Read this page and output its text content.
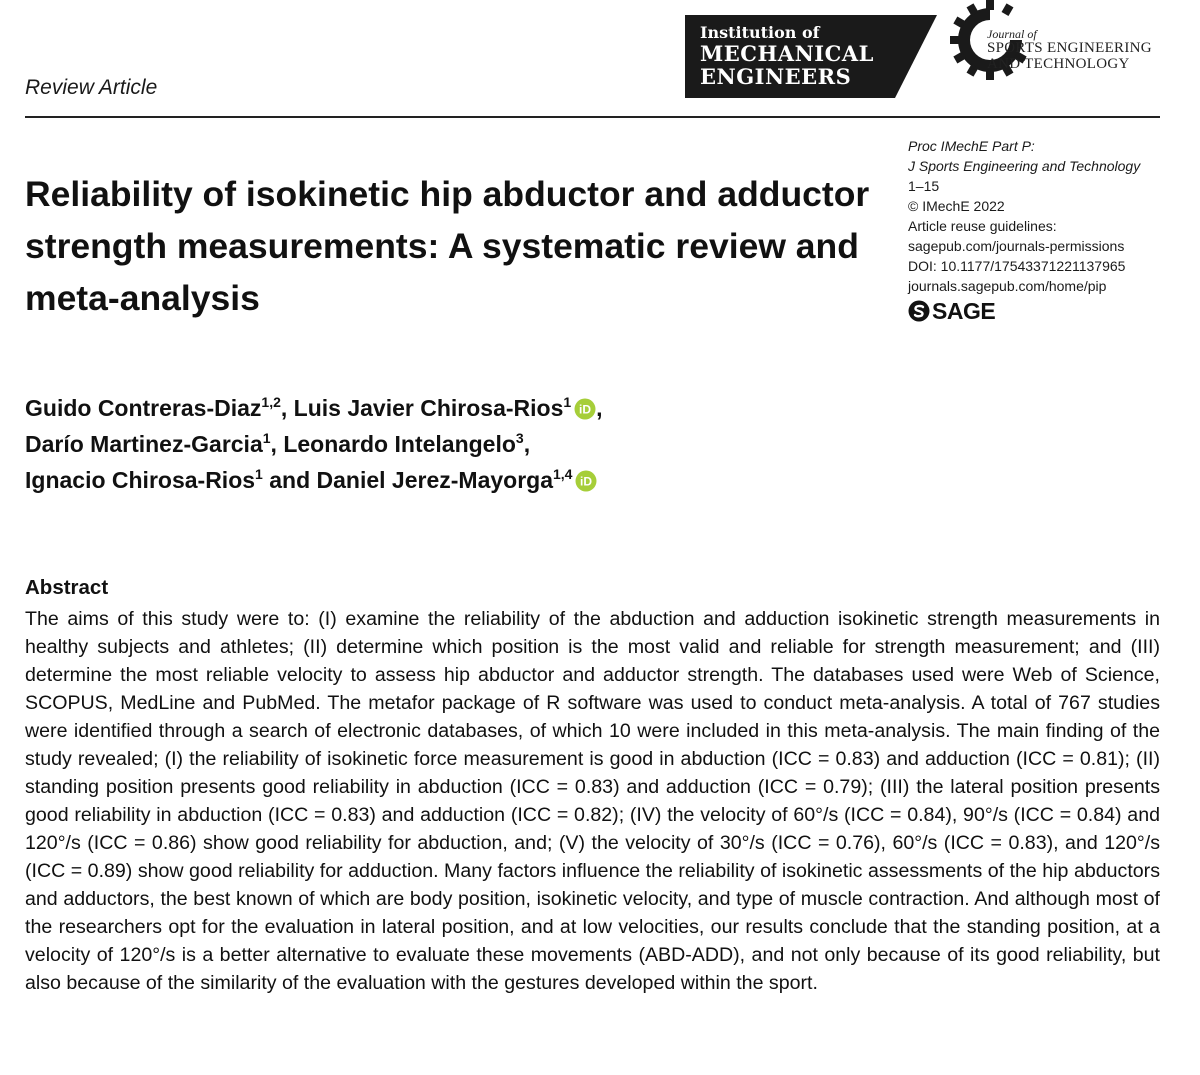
Review Article
Institution of
MECHANICAL
ENGINEERS
Journal of
SPORTS ENGINEERING
AND TECHNOLOGY
Proc IMechE Part P:
J Sports Engineering and Technology
1–15
© IMechE 2022
Article reuse guidelines:
sagepub.com/journals-permissions
DOI: 10.1177/17543371221137965
journals.sagepub.com/home/pip
SAGE
Reliability of isokinetic hip abductor and adductor strength measurements: A systematic review and meta-analysis
Guido Contreras-Diaz$^{1,2}$, Luis Javier Chirosa-Rios$^1$ iD ,
Darío Martinez-Garcia$^1$, Leonardo Intelangelo$^3$,
Ignacio Chirosa-Rios$^1$ and Daniel Jerez-Mayorga$^{1,4}$ iD
Abstract

The aims of this study were to: (I) examine the reliability of the abduction and adduction isokinetic strength measurements in healthy subjects and athletes; (II) determine which position is the most valid and reliable for strength measurement; and (III) determine the most reliable velocity to assess hip abductor and adductor strength. The databases used were Web of Science, SCOPUS, MedLine and PubMed. The metafor package of R software was used to conduct meta-analysis. A total of 767 studies were identified through a search of electronic databases, of which 10 were included in this meta-analysis. The main finding of the study revealed; (I) the reliability of isokinetic force measurement is good in abduction (ICC = 0.83) and adduction (ICC = 0.81); (II) standing position presents good reliability in abduction (ICC = 0.83) and adduction (ICC = 0.79); (III) the lateral position presents good reliability in abduction (ICC = 0.83) and adduction (ICC = 0.82); (IV) the velocity of 60°/s (ICC = 0.84), 90°/s (ICC = 0.84) and 120°/s (ICC = 0.86) show good reliability for abduction, and; (V) the velocity of 30°/s (ICC = 0.76), 60°/s (ICC = 0.83), and 120°/s (ICC = 0.89) show good reliability for adduction. Many factors influence the reliability of isokinetic assessments of the hip abductors and adductors, the best known of which are body position, isokinetic velocity, and type of muscle contraction. And although most of the researchers opt for the evaluation in lateral position, and at low velocities, our results conclude that the standing position, at a velocity of 120°/s is a better alternative to evaluate these movements (ABD-ADD), and not only because of its good reliability, but also because of the similarity of the evaluation with the gestures developed within the sport.
